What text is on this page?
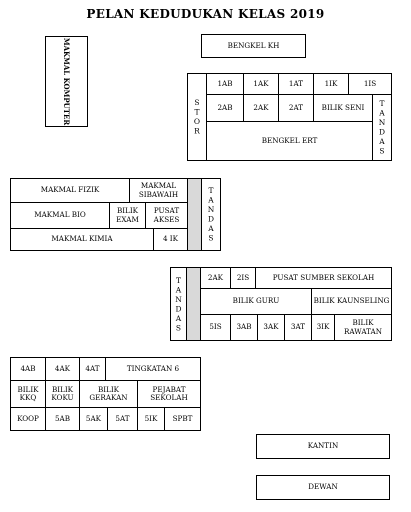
PELAN KEDUDUKAN KELAS 2019
MAKMAL KOMPUTER	BENGKEL KH
STOR
1AB	1AK	1AT	1IK	1IS
2AB	2AK	2AT	BILIK SENI	TANDAS
BENGKEL ERT
MAKMAL FIZIK	MAKMAL SIBAWAIH
MAKMAL BIO	BILIK EXAM
PUSAT AKSES
MAKMAL KIMIA	4 IK	TANDAS
TANDAS	2AK	2IS	PUSAT SUMBER SEKOLAH
BILIK GURU	BILIK KAUNSELING
5IS	3AB	3AK	3AT	3IK	BILIK RAWATAN
4AB	4AK	4AT	TINGKATAN 6
BILIK KKQ
BILIK KOKU
BILIK GERAKAN
PEJABAT SEKOLAH
KOOP	5AB	5AK	5AT	5IK	SPBT
KANTIN
DEWAN
